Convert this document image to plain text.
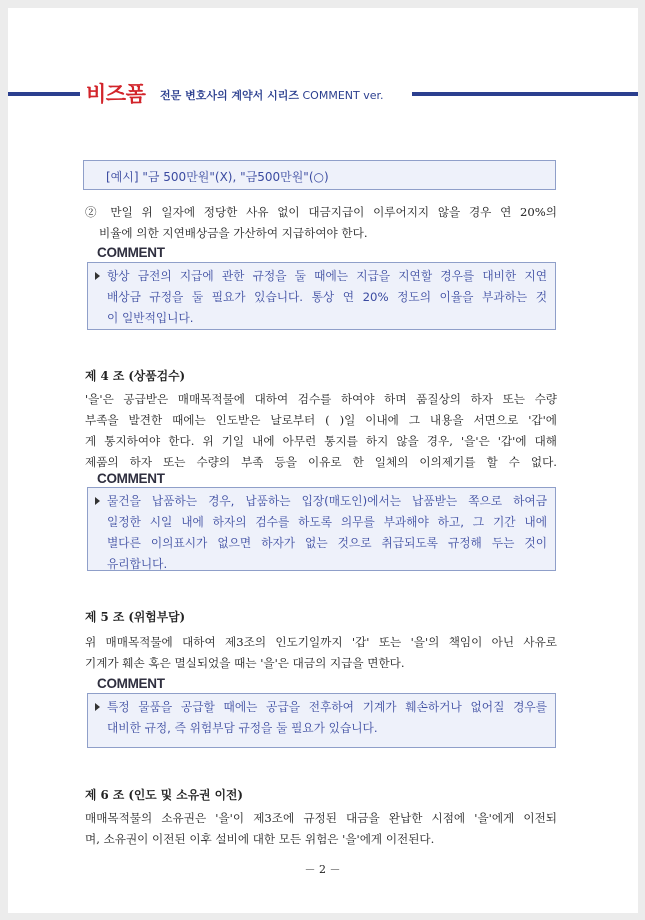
비즈폼 전문 변호사의 계약서 시리즈 COMMENT ver.
[예시] "금 500만원"(X), "금500만원"(○)
② 만일 위 일자에 정당한 사유 없이 대금지급이 이루어지지 않을 경우 연 20%의
비율에 의한 지연배상금을 가산하여 지급하여야 한다.
COMMENT

항상 금전의 지급에 관한 규정을 둘 때에는 지급을 지연할 경우를 대비한 지연

배상금 규정을 둘 필요가 있습니다. 통상 연 20% 정도의 이율을 부과하는 것

이 일반적입니다.

제 4 조 (상품검수)
'을'은 공급받은 매매목적물에 대하여 검수를 하여야 하며 품질상의 하자 또는 수량
부족을 발견한 때에는 인도받은 날로부터 ( )일 이내에 그 내용을 서면으로 '갑'에
게 통지하여야 한다. 위 기일 내에 아무런 통지를 하지 않을 경우, '을'은 '갑'에 대해
제품의 하자 또는 수량의 부족 등을 이유로 한 일체의 이의제기를 할 수 없다.
COMMENT

물건을 납품하는 경우, 납품하는 입장(매도인)에서는 납품받는 쪽으로 하여금

일정한 시일 내에 하자의 검수를 하도록 의무를 부과해야 하고, 그 기간 내에

별다른 이의표시가 없으면 하자가 없는 것으로 취급되도록 규정해 두는 것이

유리합니다.

제 5 조 (위험부담)
위 매매목적물에 대하여 제3조의 인도기일까지 '갑' 또는 '을'의 책임이 아닌 사유로
기계가 훼손 혹은 멸실되었을 때는 '을'은 대금의 지급을 면한다.
COMMENT

특정 물품을 공급할 때에는 공급을 전후하여 기계가 훼손하거나 없어질 경우를

대비한 규정, 즉 위험부담 규정을 둘 필요가 있습니다.

제 6 조 (인도 및 소유권 이전)
매매목적물의 소유권은 '을'이 제3조에 규정된 대금을 완납한 시점에 '을'에게 이전되
며, 소유권이 이전된 이후 설비에 대한 모든 위험은 '을'에게 이전된다.
－ 2 －
